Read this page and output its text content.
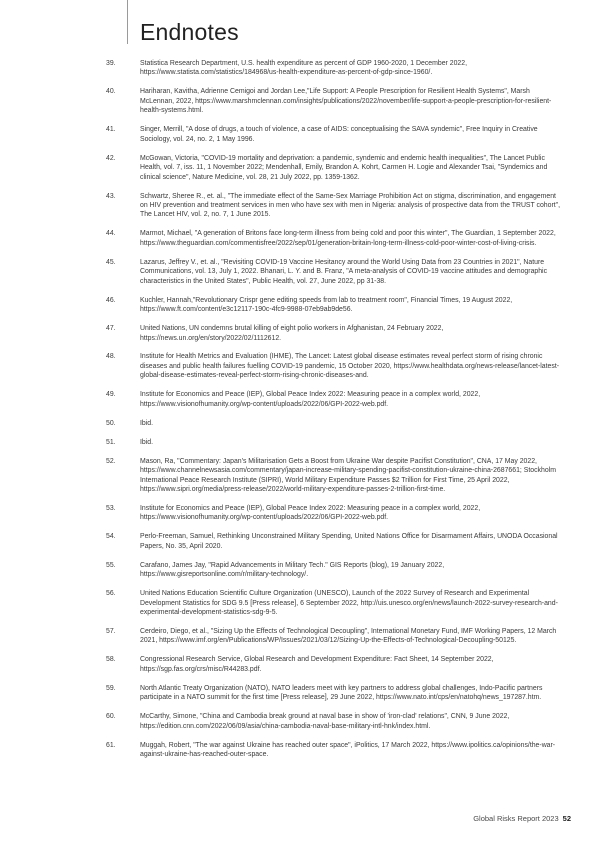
Endnotes
39.	Statistica Research Department, U.S. health expenditure as percent of GDP 1960-2020, 1 December 2022, https://www.statista.com/statistics/184968/us-health-expenditure-as-percent-of-gdp-since-1960/.
40.	Hariharan, Kavitha, Adrienne Cemigoi and Jordan Lee,"Life Support: A People Prescription for Resilient Health Systems", Marsh McLennan, 2022, https://www.marshmclennan.com/insights/publications/2022/november/life-support-a-people-prescription-for-resilient-health-systems.html.
41.	Singer, Merrill, "A dose of drugs, a touch of violence, a case of AIDS: conceptualising the SAVA syndemic", Free Inquiry in Creative Sociology, vol. 24, no. 2, 1 May 1996.
42.	McGowan, Victoria, "COVID-19 mortality and deprivation: a pandemic, syndemic and endemic health inequalities", The Lancet Public Health, vol. 7, iss. 11, 1 November 2022; Mendenhall, Emily, Brandon A. Kohrt, Carmen H. Logie and Alexander Tsai, "Syndemics and clinical science", Nature Medicine, vol. 28, 21 July 2022, pp. 1359-1362.
43.	Schwartz, Sheree R., et. al., "The immediate effect of the Same-Sex Marriage Prohibition Act on stigma, discrimination, and engagement on HIV prevention and treatment services in men who have sex with men in Nigeria: analysis of prospective data from the TRUST cohort", The Lancet HIV, vol. 2, no. 7, 1 June 2015.
44.	Marmot, Michael, "A generation of Britons face long-term illness from being cold and poor this winter", The Guardian, 1 September 2022, https://www.theguardian.com/commentisfree/2022/sep/01/generation-britain-long-term-illness-cold-poor-winter-cost-of-living-crisis.
45.	Lazarus, Jeffrey V., et. al., "Revisiting COVID-19 Vaccine Hesitancy around the World Using Data from 23 Countries in 2021", Nature Communications, vol. 13, July 1, 2022. Bhanari, L. Y. and B. Franz, "A meta-analysis of COVID-19 vaccine attitudes and demographic characteristics in the United States", Public Health, vol. 27, June 2022, pp 31-38.
46.	Kuchler, Hannah,"Revolutionary Crispr gene editing speeds from lab to treatment room", Financial Times, 19 August 2022, https://www.ft.com/content/e3c12117-190c-4fc9-9988-07eb9ab9de56.
47.	United Nations, UN condemns brutal killing of eight polio workers in Afghanistan, 24 February 2022, https://news.un.org/en/story/2022/02/1112612.
48.	Institute for Health Metrics and Evaluation (IHME), The Lancet: Latest global disease estimates reveal perfect storm of rising chronic diseases and public health failures fuelling COVID-19 pandemic, 15 October 2020, https://www.healthdata.org/news-release/lancet-latest-global-disease-estimates-reveal-perfect-storm-rising-chronic-diseases-and.
49.	Institute for Economics and Peace (IEP), Global Peace Index 2022: Measuring peace in a complex world, 2022, https://www.visionofhumanity.org/wp-content/uploads/2022/06/GPI-2022-web.pdf.
50.	Ibid.
51.	Ibid.
52.	Mason, Ra, "Commentary: Japan's Militarisation Gets a Boost from Ukraine War despite Pacifist Constitution", CNA, 17 May 2022, https://www.channelnewsasia.com/commentary/japan-increase-military-spending-pacifist-constitution-ukraine-china-2687661; Stockholm International Peace Research Institute (SIPRI), World Military Expenditure Passes $2 Trillion for First Time, 25 April 2022, https://www.sipri.org/media/press-release/2022/world-military-expenditure-passes-2-trillion-first-time.
53.	Institute for Economics and Peace (IEP), Global Peace Index 2022: Measuring peace in a complex world, 2022, https://www.visionofhumanity.org/wp-content/uploads/2022/06/GPI-2022-web.pdf.
54.	Perlo-Freeman, Samuel, Rethinking Unconstrained Military Spending, United Nations Office for Disarmament Affairs, UNODA Occasional Papers, No. 35, April 2020.
55.	Carafano, James Jay, "Rapid Advancements in Military Tech." GIS Reports (blog), 19 January 2022, https://www.gisreportsonline.com/r/military-technology/.
56.	United Nations Education Scientific Culture Organization (UNESCO), Launch of the 2022 Survey of Research and Experimental Development Statistics for SDG 9.5 [Press release], 6 September 2022, http://uis.unesco.org/en/news/launch-2022-survey-research-and-experimental-development-statistics-sdg-9-5.
57.	Cerdeiro, Diego, et al., "Sizing Up the Effects of Technological Decoupling", International Monetary Fund, IMF Working Papers, 12 March 2021, https://www.imf.org/en/Publications/WP/Issues/2021/03/12/Sizing-Up-the-Effects-of-Technological-Decoupling-50125.
58.	Congressional Research Service, Global Research and Development Expenditure: Fact Sheet, 14 September 2022, https://sgp.fas.org/crs/misc/R44283.pdf.
59.	North Atlantic Treaty Organization (NATO), NATO leaders meet with key partners to address global challenges, Indo-Pacific partners participate in a NATO summit for the first time [Press release], 29 June 2022, https://www.nato.int/cps/en/natohq/news_197287.htm.
60.	McCarthy, Simone, "China and Cambodia break ground at naval base in show of 'iron-clad' relations", CNN, 9 June 2022, https://edition.cnn.com/2022/06/09/asia/china-cambodia-naval-base-military-intl-hnk/index.html.
61.	Muggah, Robert, "The war against Ukraine has reached outer space", iPolitics, 17 March 2022, https://www.ipolitics.ca/opinions/the-war-against-ukraine-has-reached-outer-space.
Global Risks Report 2023 52
